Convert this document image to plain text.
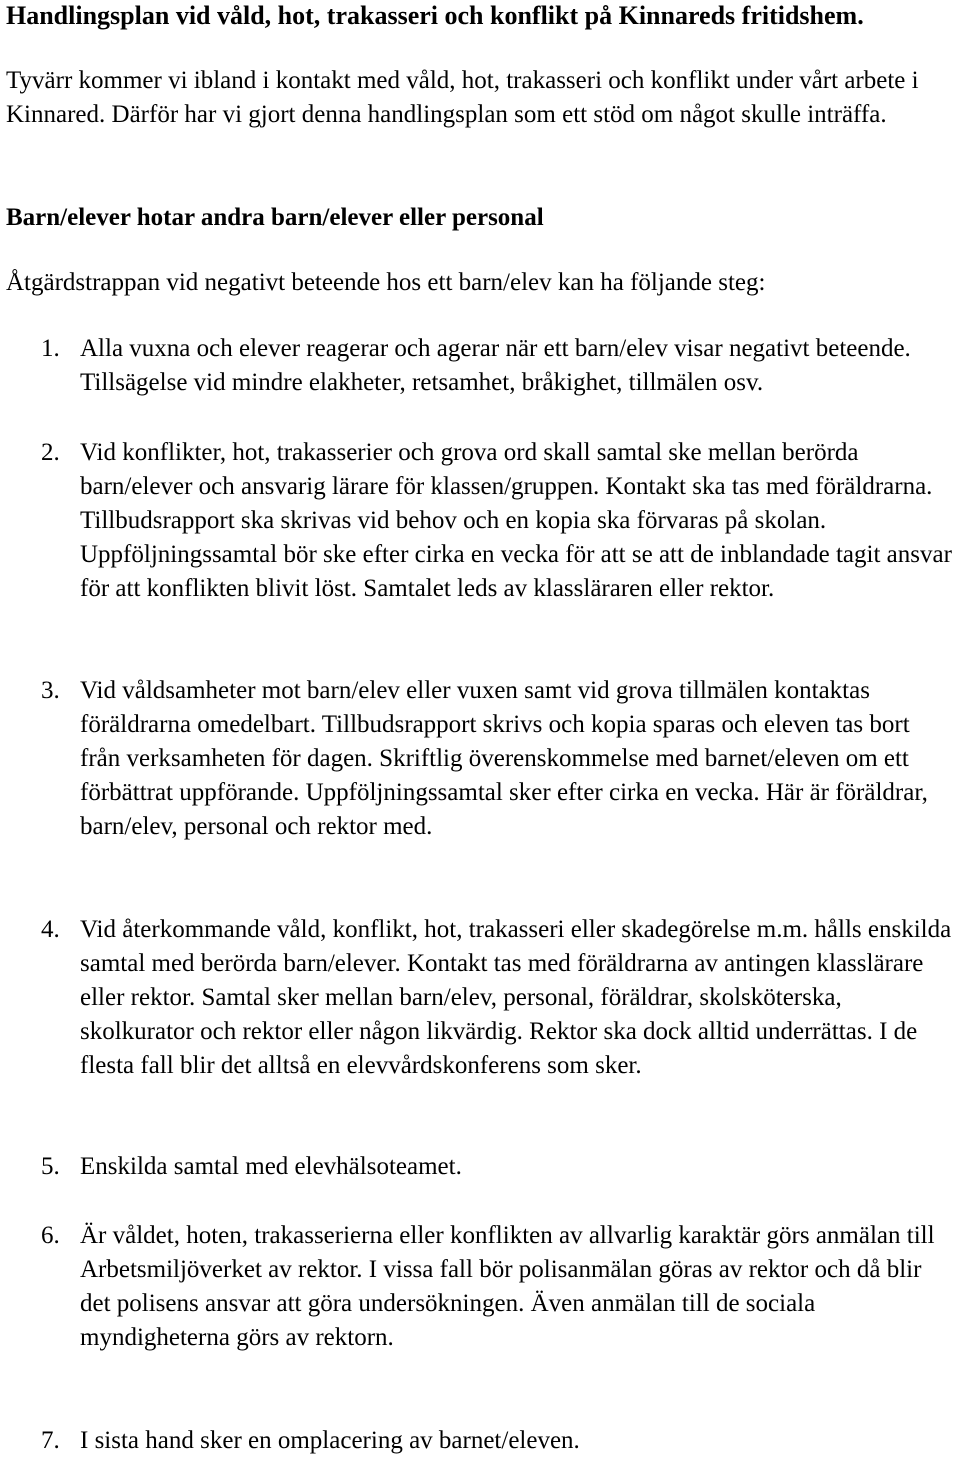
Handlingsplan vid våld, hot, trakasseri och konflikt på Kinnareds fritidshem.

Tyvärr kommer vi ibland i kontakt med våld, hot, trakasseri och konflikt under vårt arbete i Kinnared. Därför har vi gjort denna handlingsplan som ett stöd om något skulle inträffa.

Barn/elever hotar andra barn/elever eller personal

Åtgärdstrappan vid negativt beteende hos ett barn/elev kan ha följande steg:

1. Alla vuxna och elever reagerar och agerar när ett barn/elev visar negativt beteende. Tillsägelse vid mindre elakheter, retsamhet, bråkighet, tillmälen osv.

2. Vid konflikter, hot, trakasserier och grova ord skall samtal ske mellan berörda barn/elever och ansvarig lärare för klassen/gruppen. Kontakt ska tas med föräldrarna. Tillbudsrapport ska skrivas vid behov och en kopia ska förvaras på skolan. Uppföljningssamtal bör ske efter cirka en vecka för att se att de inblandade tagit ansvar för att konflikten blivit löst. Samtalet leds av klassläraren eller rektor.

3. Vid våldsamheter mot barn/elev eller vuxen samt vid grova tillmälen kontaktas föräldrarna omedelbart. Tillbudsrapport skrivs och kopia sparas och eleven tas bort från verksamheten för dagen. Skriftlig överenskommelse med barnet/eleven om ett förbättrat uppförande. Uppföljningssamtal sker efter cirka en vecka. Här är föräldrar, barn/elev, personal och rektor med.

4. Vid återkommande våld, konflikt, hot, trakasseri eller skadegörelse m.m. hålls enskilda samtal med berörda barn/elever. Kontakt tas med föräldrarna av antingen klasslärare eller rektor. Samtal sker mellan barn/elev, personal, föräldrar, skolsköterska, skolkurator och rektor eller någon likvärdig. Rektor ska dock alltid underrättas. I de flesta fall blir det alltså en elevvårdskonferens som sker.

5. Enskilda samtal med elevhälsoteamet.

6. Är våldet, hoten, trakasserierna eller konflikten av allvarlig karaktär görs anmälan till Arbetsmiljöverket av rektor. I vissa fall bör polisanmälan göras av rektor och då blir det polisens ansvar att göra undersökningen. Även anmälan till de sociala myndigheterna görs av rektorn.

7. I sista hand sker en omplacering av barnet/eleven.
